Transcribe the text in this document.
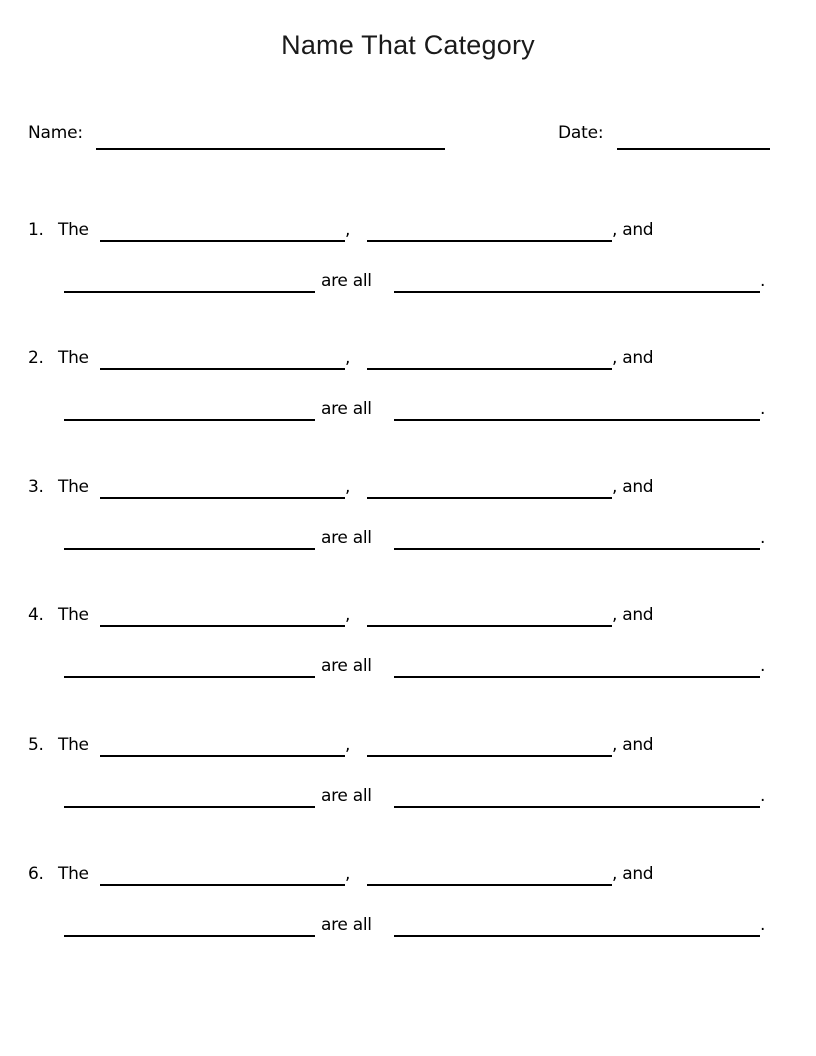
Name That Category
Name:	Date:
1. The	,	, and
are all	.
2. The	,	, and
are all	.
3. The	,	, and
are all	.
4. The	,	, and
are all	.
5. The	,	, and
are all	.
6. The	,	, and
are all	.
